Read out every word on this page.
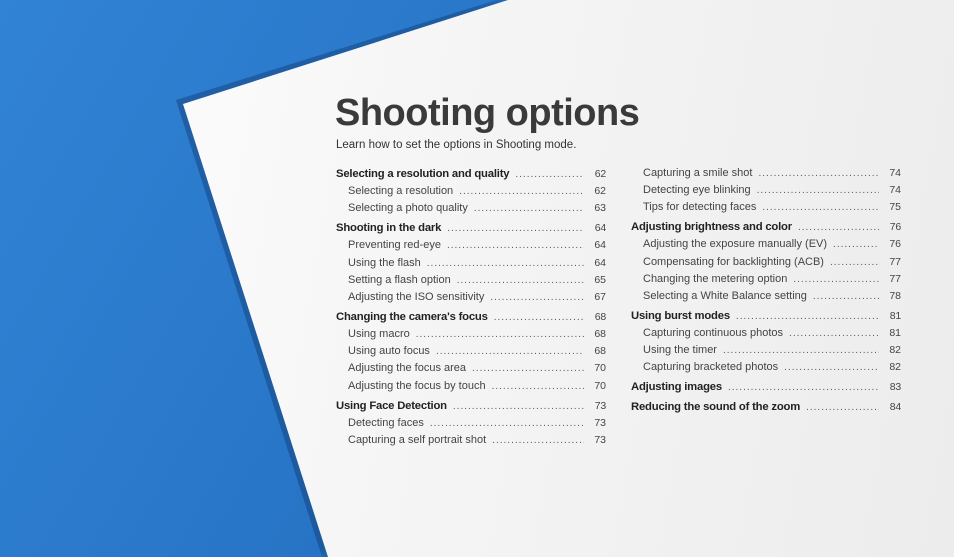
Shooting options

Learn how to set the options in Shooting mode.

Selecting a resolution and quality .....	62
Selecting a resolution .....	62
Selecting a photo quality .....	63
Shooting in the dark .....	64
Preventing red-eye .....	64
Using the flash .....	64
Setting a flash option .....	65
Adjusting the ISO sensitivity .....	67
Changing the camera's focus .....	68
Using macro .....	68
Using auto focus .....	68
Adjusting the focus area .....	70
Adjusting the focus by touch .....	70
Using Face Detection .....	73
Detecting faces .....	73
Capturing a self portrait shot .....	73
Capturing a smile shot .....	74
Detecting eye blinking .....	74
Tips for detecting faces .....	75
Adjusting brightness and color .....	76
Adjusting the exposure manually (EV) .....	76
Compensating for backlighting (ACB) .....	77
Changing the metering option .....	77
Selecting a White Balance setting .....	78
Using burst modes .....	81
Capturing continuous photos .....	81
Using the timer .....	82
Capturing bracketed photos .....	82
Adjusting images .....	83
Reducing the sound of the zoom .....	84
